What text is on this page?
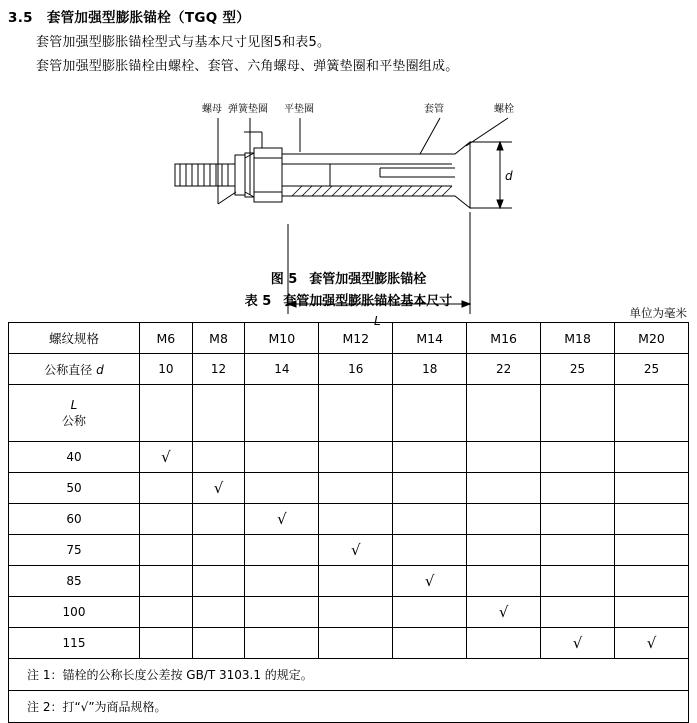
3.5 套管加强型膨胀锚栓（TGQ 型）
套管加强型膨胀锚栓型式与基本尺寸见图5和表5。
套管加强型膨胀锚栓由螺栓、套管、六角螺母、弹簧垫圈和平垫圈组成。
螺母 弹簧垫圈 平垫圈	套管	螺栓
L
d
图 5 套管加强型膨胀锚栓
表 5 套管加强型膨胀锚栓基本尺寸
单位为毫米
螺纹规格	M6	M8	M10	M12	M14	M16	M18	M20
公称直径 d	10	12	14	16	18	22	25	25

L
公称								

40	√							
50		√						
60			√					
75				√				
85					√			
100						√		
115							√	√
注 1：锚栓的公称长度公差按 GB/T 3103.1 的规定。
注 2：打“√”为商品规格。
